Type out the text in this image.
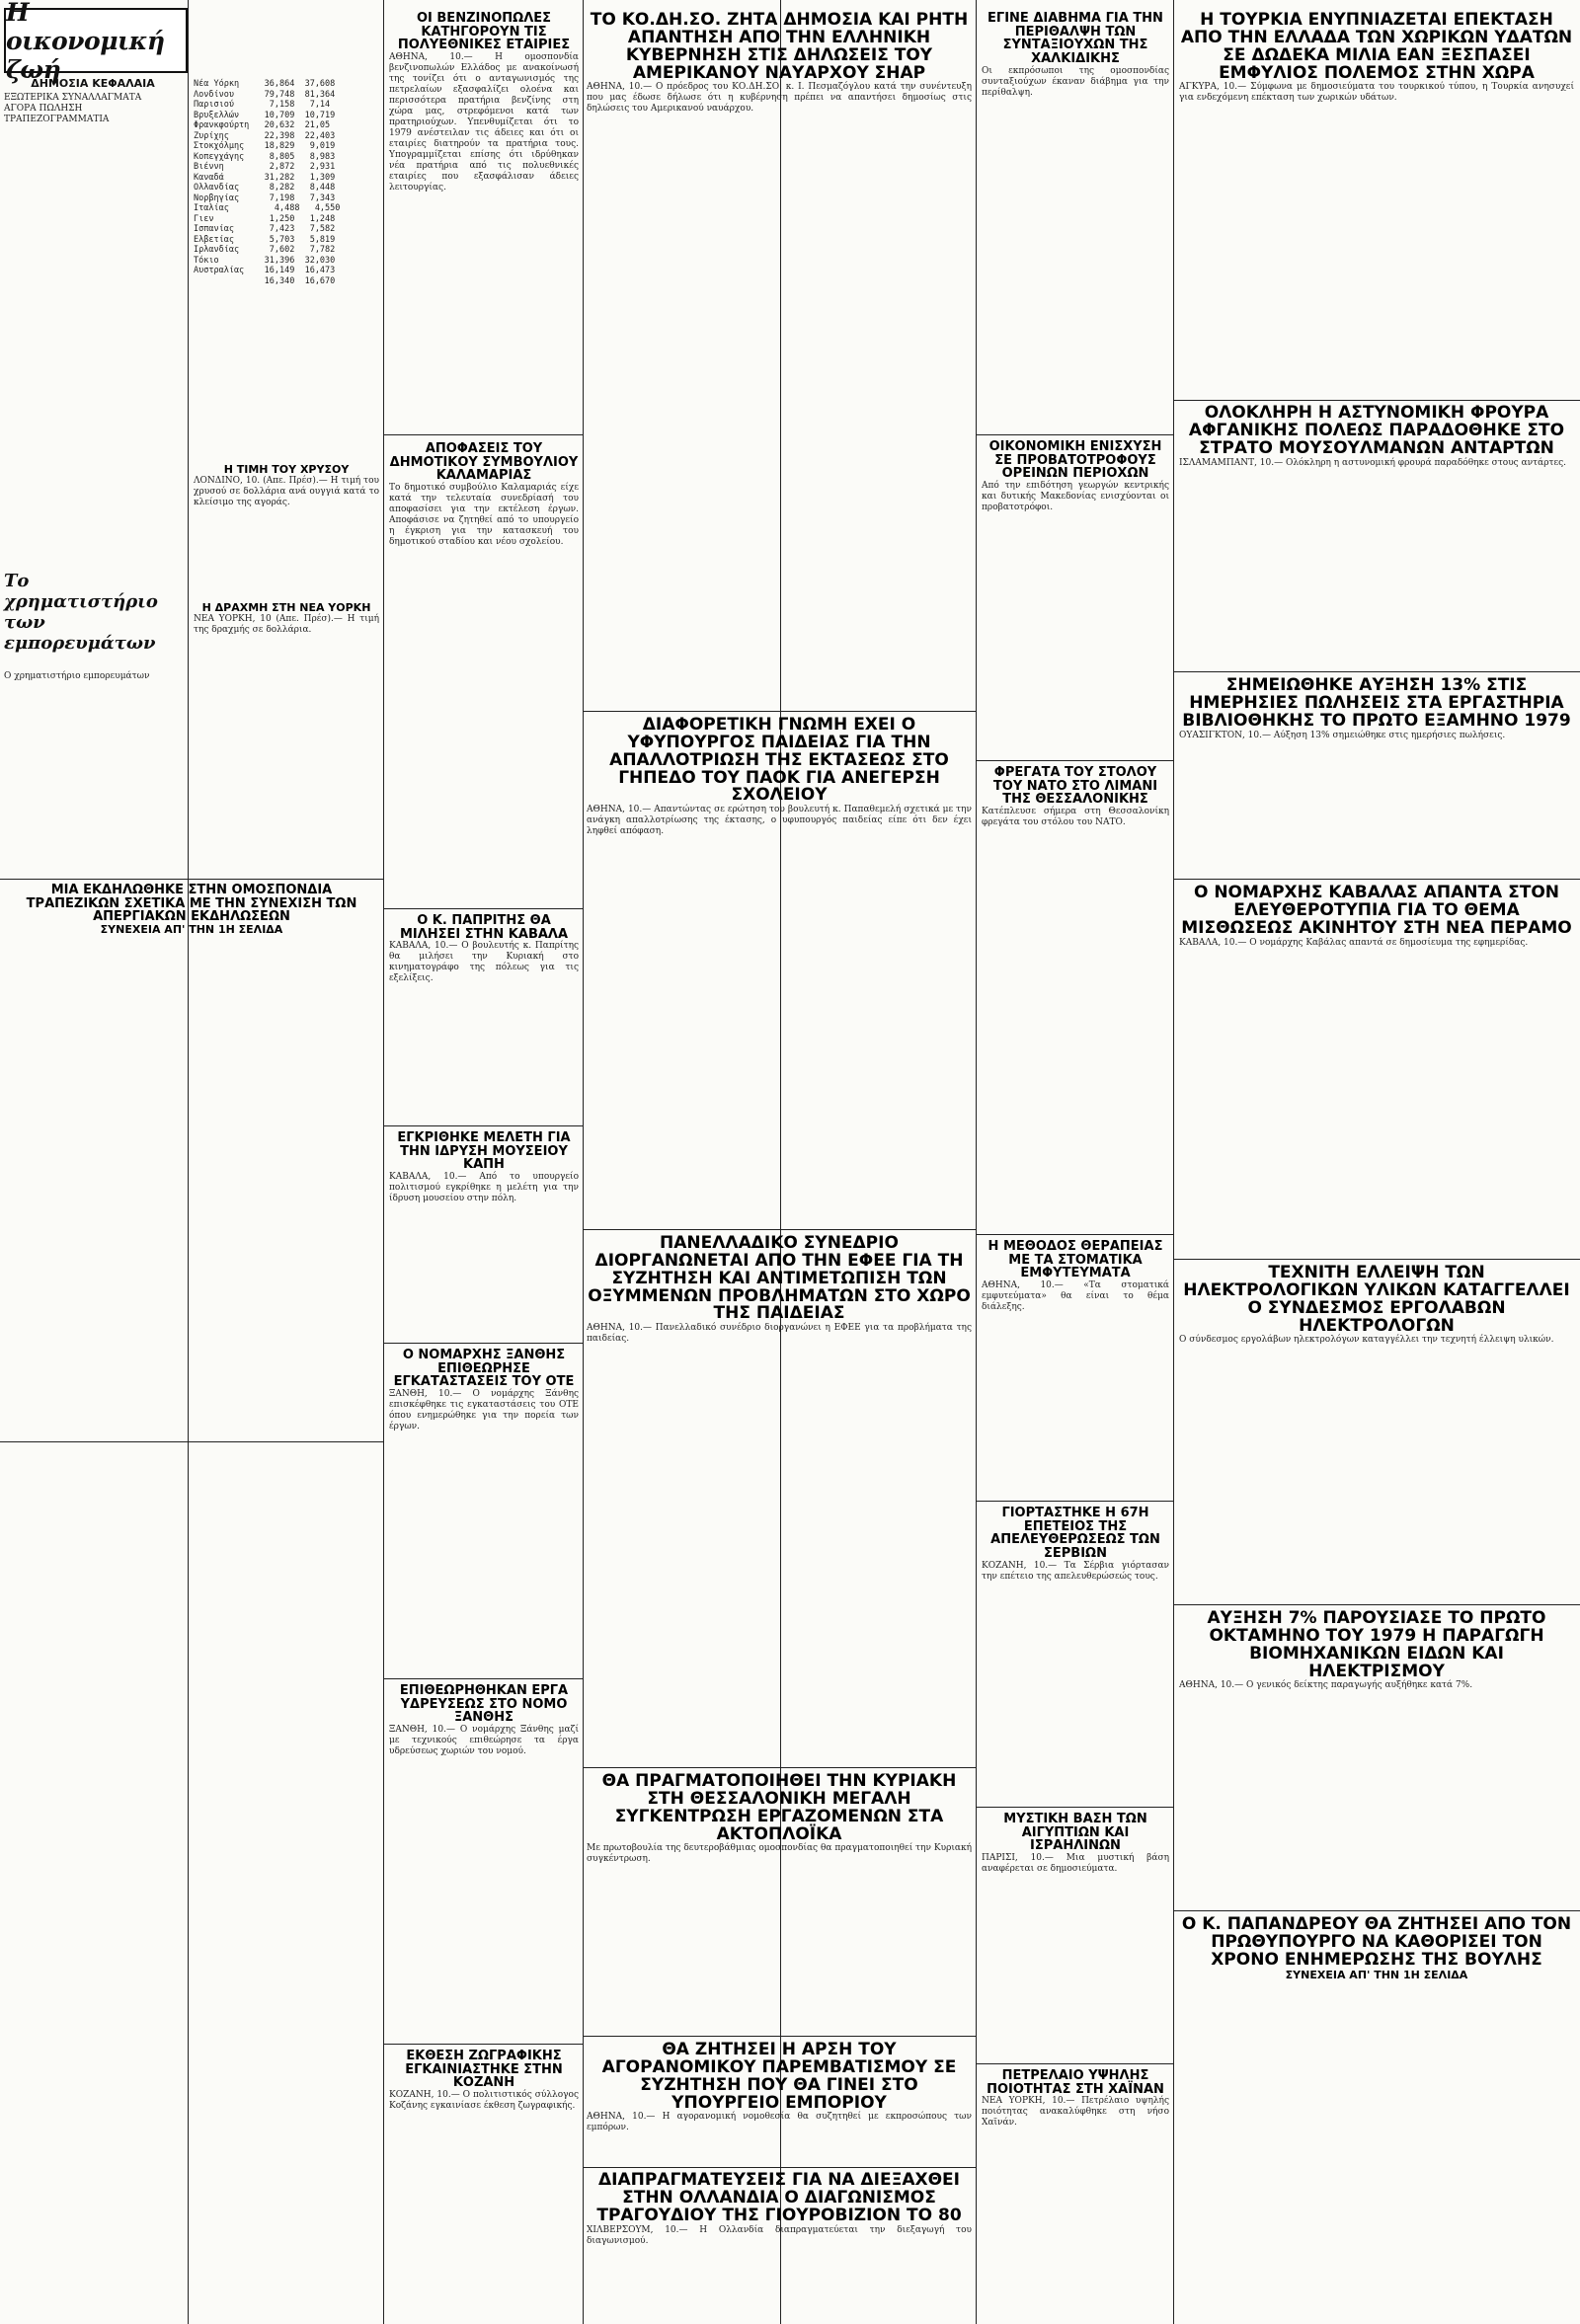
Η οικονομική ζωή

ΔΗΜΟΣΙΑ ΚΕΦΑΛΑΙΑ

ΕΞΩΤΕΡΙΚΑ ΣΥΝΑΛΛΑΓΜΑΤΑ
ΑΓΟΡΑ ΠΩΛΗΣΗ
ΤΡΑΠΕΖΟΓΡΑΜΜΑΤΙΑ

Το χρηματιστήριο των εμπορευμάτων

Ο χρηματιστήριο εμπορευμάτων

Νέα Υόρκη     36,864  37,608
Λονδίνου      79,748  81,364
Παρισιού       7,158   7,14
Βρυξελλών     10,709  10,719
Φρανκφούρτη   20,632  21,05
Ζυρίχης       22,398  22,403
Στοκχόλμης    18,829   9,019
Κοπεγχάγης     8,805   8,983
Βιέννη         2,872   2,931
Καναδά        31,282   1,309
Ολλανδίας      8,282   8,448
Νορβηγίας      7,198   7,343
Ιταλίας         4,488   4,550
Γιεν           1,250   1,248
Ισπανίας       7,423   7,582
Ελβετίας       5,703   5,819
Ιρλανδίας      7,602   7,782
Τόκιο         31,396  32,030
Αυστραλίας    16,149  16,473
16,340  16,670

Η ΤΙΜΗ ΤΟΥ ΧΡΥΣΟΥ

ΛΟΝΔΙΝΟ, 10. (Απε. Πρέσ).— Η τιμή του χρυσού σε δολλάρια ανά ουγγιά κατά το κλείσιμο της αγοράς.

Η ΔΡΑΧΜΗ ΣΤΗ ΝΕΑ ΥΟΡΚΗ

ΝΕΑ ΥΟΡΚΗ, 10 (Απε. Πρέσ).— Η τιμή της δραχμής σε δολλάρια.

ΜΙΑ ΕΚΔΗΛΩΘΗΚΕ ΣΤΗΝ ΟΜΟΣΠΟΝΔΙΑ ΤΡΑΠΕΖΙΚΩΝ ΣΧΕΤΙΚΑ ΜΕ ΤΗΝ ΣΥΝΕΧΙΣΗ ΤΩΝ ΑΠΕΡΓΙΑΚΩΝ ΕΚΔΗΛΩΣΕΩΝ

ΣΥΝΕΧΕΙΑ ΑΠ' ΤΗΝ 1Η ΣΕΛΙΔΑ

ΟΙ ΒΕΝΖΙΝΟΠΩΛΕΣ ΚΑΤΗΓΟΡΟΥΝ ΤΙΣ ΠΟΛΥΕΘΝΙΚΕΣ ΕΤΑΙΡΙΕΣ

ΑΘΗΝΑ, 10.— Η ομοσπονδία βενζινοπωλών Ελλάδος με ανακοίνωσή της τονίζει ότι ο ανταγωνισμός της πετρελαίων εξασφαλίζει ολοένα και περισσότερα πρατήρια βενζίνης στη χώρα μας, στρεφόμενοι κατά των πρατηριούχων. Υπενθυμίζεται ότι το 1979 ανέστειλαν τις άδειες και ότι οι εταιρίες διατηρούν τα πρατήρια τους. Υπογραμμίζεται επίσης ότι ιδρύθηκαν νέα πρατήρια από τις πολυεθνικές εταιρίες που εξασφάλισαν άδειες λειτουργίας.

ΑΠΟΦΑΣΕΙΣ ΤΟΥ ΔΗΜΟΤΙΚΟΥ ΣΥΜΒΟΥΛΙΟΥ ΚΑΛΑΜΑΡΙΑΣ

Το δημοτικό συμβούλιο Καλαμαριάς είχε κατά την τελευταία συνεδρίασή του αποφασίσει για την εκτέλεση έργων. Αποφάσισε να ζητηθεί από το υπουργείο η έγκριση για την κατασκευή του δημοτικού σταδίου και νέου σχολείου.

Ο Κ. ΠΑΠΡΙΤΗΣ ΘΑ ΜΙΛΗΣΕΙ ΣΤΗΝ ΚΑΒΑΛΑ

ΚΑΒΑΛΑ, 10.— Ο βουλευτής κ. Παπρίτης θα μιλήσει την Κυριακή στο κινηματογράφο της πόλεως για τις εξελίξεις.

ΕΓΚΡΙΘΗΚΕ ΜΕΛΕΤΗ ΓΙΑ ΤΗΝ ΙΔΡΥΣΗ ΜΟΥΣΕΙΟΥ ΚΑΠΗ

ΚΑΒΑΛΑ, 10.— Από το υπουργείο πολιτισμού εγκρίθηκε η μελέτη για την ίδρυση μουσείου στην πόλη.

Ο ΝΟΜΑΡΧΗΣ ΞΑΝΘΗΣ ΕΠΙΘΕΩΡΗΣΕ ΕΓΚΑΤΑΣΤΑΣΕΙΣ ΤΟΥ ΟΤΕ

ΞΑΝΘΗ, 10.— Ο νομάρχης Ξάνθης επισκέφθηκε τις εγκαταστάσεις του ΟΤΕ όπου ενημερώθηκε για την πορεία των έργων.

ΕΠΙΘΕΩΡΗΘΗΚΑΝ ΕΡΓΑ ΥΔΡΕΥΣΕΩΣ ΣΤΟ ΝΟΜΟ ΞΑΝΘΗΣ

ΞΑΝΘΗ, 10.— Ο νομάρχης Ξάνθης μαζί με τεχνικούς επιθεώρησε τα έργα υδρεύσεως χωριών του νομού.

ΕΚΘΕΣΗ ΖΩΓΡΑΦΙΚΗΣ ΕΓΚΑΙΝΙΑΣΤΗΚΕ ΣΤΗΝ ΚΟΖΑΝΗ

ΚΟΖΑΝΗ, 10.— Ο πολιτιστικός σύλλογος Κοζάνης εγκαινίασε έκθεση ζωγραφικής.

ΤΟ ΚΟ.ΔΗ.ΣΟ. ΖΗΤΑ ΔΗΜΟΣΙΑ ΚΑΙ ΡΗΤΗ ΑΠΑΝΤΗΣΗ ΑΠΟ ΤΗΝ ΕΛΛΗΝΙΚΗ ΚΥΒΕΡΝΗΣΗ ΣΤΙΣ ΔΗΛΩΣΕΙΣ ΤΟΥ ΑΜΕΡΙΚΑΝΟΥ ΝΑΥΑΡΧΟΥ ΣΗΑΡ

ΑΘΗΝΑ, 10.— Ο πρόεδρος του ΚΟ.ΔΗ.ΣΟ. κ. Ι. Πεσμαζόγλου κατά την συνέντευξη που μας έδωσε δήλωσε ότι η κυβέρνηση πρέπει να απαντήσει δημοσίως στις δηλώσεις του Αμερικανού ναυάρχου.

ΔΙΑΦΟΡΕΤΙΚΗ ΓΝΩΜΗ ΕΧΕΙ Ο ΥΦΥΠΟΥΡΓΟΣ ΠΑΙΔΕΙΑΣ ΓΙΑ ΤΗΝ ΑΠΑΛΛΟΤΡΙΩΣΗ ΤΗΣ ΕΚΤΑΣΕΩΣ ΣΤΟ ΓΗΠΕΔΟ ΤΟΥ ΠΑΟΚ ΓΙΑ ΑΝΕΓΕΡΣΗ ΣΧΟΛΕΙΟΥ

ΑΘΗΝΑ, 10.— Απαντώντας σε ερώτηση του βουλευτή κ. Παπαθεμελή σχετικά με την ανάγκη απαλλοτρίωσης της έκτασης, ο υφυπουργός παιδείας είπε ότι δεν έχει ληφθεί απόφαση.

ΠΑΝΕΛΛΑΔΙΚΟ ΣΥΝΕΔΡΙΟ ΔΙΟΡΓΑΝΩΝΕΤΑΙ ΑΠΟ ΤΗΝ ΕΦΕΕ ΓΙΑ ΤΗ ΣΥΖΗΤΗΣΗ ΚΑΙ ΑΝΤΙΜΕΤΩΠΙΣΗ ΤΩΝ ΟΞΥΜΜΕΝΩΝ ΠΡΟΒΛΗΜΑΤΩΝ ΣΤΟ ΧΩΡΟ ΤΗΣ ΠΑΙΔΕΙΑΣ

ΑΘΗΝΑ, 10.— Πανελλαδικό συνέδριο διοργανώνει η ΕΦΕΕ για τα προβλήματα της παιδείας.

ΘΑ ΠΡΑΓΜΑΤΟΠΟΙΗΘΕΙ ΤΗΝ ΚΥΡΙΑΚΗ ΣΤΗ ΘΕΣΣΑΛΟΝΙΚΗ ΜΕΓΑΛΗ ΣΥΓΚΕΝΤΡΩΣΗ ΕΡΓΑΖΟΜΕΝΩΝ ΣΤΑ ΑΚΤΟΠΛΟΪΚΑ

Με πρωτοβουλία της δευτεροβάθμιας ομοσπονδίας θα πραγματοποιηθεί την Κυριακή συγκέντρωση.

ΘΑ ΖΗΤΗΣΕΙ Η ΑΡΣΗ ΤΟΥ ΑΓΟΡΑΝΟΜΙΚΟΥ ΠΑΡΕΜΒΑΤΙΣΜΟΥ ΣΕ ΣΥΖΗΤΗΣΗ ΠΟΥ ΘΑ ΓΙΝΕΙ ΣΤΟ ΥΠΟΥΡΓΕΙΟ ΕΜΠΟΡΙΟΥ

ΑΘΗΝΑ, 10.— Η αγορανομική νομοθεσία θα συζητηθεί με εκπροσώπους των εμπόρων.

ΔΙΑΠΡΑΓΜΑΤΕΥΣΕΙΣ ΓΙΑ ΝΑ ΔΙΕΞΑΧΘΕΙ ΣΤΗΝ ΟΛΛΑΝΔΙΑ Ο ΔΙΑΓΩΝΙΣΜΟΣ ΤΡΑΓΟΥΔΙΟΥ ΤΗΣ ΓΙΟΥΡΟΒΙΖΙΟΝ ΤΟ 80

ΧΙΛΒΕΡΣΟΥΜ, 10.— Η Ολλανδία διαπραγματεύεται την διεξαγωγή του διαγωνισμού.

ΕΓΙΝΕ ΔΙΑΒΗΜΑ ΓΙΑ ΤΗΝ ΠΕΡΙΘΑΛΨΗ ΤΩΝ ΣΥΝΤΑΞΙΟΥΧΩΝ ΤΗΣ ΧΑΛΚΙΔΙΚΗΣ

Οι εκπρόσωποι της ομοσπονδίας συνταξιούχων έκαναν διάβημα για την περίθαλψη.

ΟΙΚΟΝΟΜΙΚΗ ΕΝΙΣΧΥΣΗ ΣΕ ΠΡΟΒΑΤΟΤΡΟΦΟΥΣ ΟΡΕΙΝΩΝ ΠΕΡΙΟΧΩΝ

Από την επιδότηση γεωργών κεντρικής και δυτικής Μακεδονίας ενισχύονται οι προβατοτρόφοι.

ΦΡΕΓΑΤΑ ΤΟΥ ΣΤΟΛΟΥ ΤΟΥ ΝΑΤΟ ΣΤΟ ΛΙΜΑΝΙ ΤΗΣ ΘΕΣΣΑΛΟΝΙΚΗΣ

Κατέπλευσε σήμερα στη Θεσσαλονίκη φρεγάτα του στόλου του ΝΑΤΟ.

Η ΜΕΘΟΔΟΣ ΘΕΡΑΠΕΙΑΣ ΜΕ ΤΑ ΣΤΟΜΑΤΙΚΑ ΕΜΦΥΤΕΥΜΑΤΑ

ΑΘΗΝΑ, 10.— «Τα στοματικά εμφυτεύματα» θα είναι το θέμα διάλεξης.

ΓΙΟΡΤΑΣΤΗΚΕ Η 67Η ΕΠΕΤΕΙΟΣ ΤΗΣ ΑΠΕΛΕΥΘΕΡΩΣΕΩΣ ΤΩΝ ΣΕΡΒΙΩΝ

ΚΟΖΑΝΗ, 10.— Τα Σέρβια γιόρτασαν την επέτειο της απελευθερώσεώς τους.

ΜΥΣΤΙΚΗ ΒΑΣΗ ΤΩΝ ΑΙΓΥΠΤΙΩΝ ΚΑΙ ΙΣΡΑΗΛΙΝΩΝ

ΠΑΡΙΣΙ, 10.— Μια μυστική βάση αναφέρεται σε δημοσιεύματα.

ΠΕΤΡΕΛΑΙΟ ΥΨΗΛΗΣ ΠΟΙΟΤΗΤΑΣ ΣΤΗ ΧΑΪΝΑΝ

ΝΕΑ ΥΟΡΚΗ, 10.— Πετρέλαιο υψηλής ποιότητας ανακαλύφθηκε στη νήσο Χαϊνάν.

Η ΤΟΥΡΚΙΑ ΕΝΥΠΝΙΑΖΕΤΑΙ ΕΠΕΚΤΑΣΗ ΑΠΟ ΤΗΝ ΕΛΛΑΔΑ ΤΩΝ ΧΩΡΙΚΩΝ ΥΔΑΤΩΝ ΣΕ ΔΩΔΕΚΑ ΜΙΛΙΑ ΕΑΝ ΞΕΣΠΑΣΕΙ ΕΜΦΥΛΙΟΣ ΠΟΛΕΜΟΣ ΣΤΗΝ ΧΩΡΑ

ΑΓΚΥΡΑ, 10.— Σύμφωνα με δημοσιεύματα του τουρκικού τύπου, η Τουρκία ανησυχεί για ενδεχόμενη επέκταση των χωρικών υδάτων.

ΟΛΟΚΛΗΡΗ Η ΑΣΤΥΝΟΜΙΚΗ ΦΡΟΥΡΑ ΑΦΓΑΝΙΚΗΣ ΠΟΛΕΩΣ ΠΑΡΑΔΟΘΗΚΕ ΣΤΟ ΣΤΡΑΤΟ ΜΟΥΣΟΥΛΜΑΝΩΝ ΑΝΤΑΡΤΩΝ

ΙΣΛΑΜΑΜΠΑΝΤ, 10.— Ολόκληρη η αστυνομική φρουρά παραδόθηκε στους αντάρτες.

ΣΗΜΕΙΩΘΗΚΕ ΑΥΞΗΣΗ 13% ΣΤΙΣ ΗΜΕΡΗΣΙΕΣ ΠΩΛΗΣΕΙΣ ΣΤΑ ΕΡΓΑΣΤΗΡΙΑ ΒΙΒΛΙΟΘΗΚΗΣ ΤΟ ΠΡΩΤΟ ΕΞΑΜΗΝΟ 1979

ΟΥΑΣΙΓΚΤΟΝ, 10.— Αύξηση 13% σημειώθηκε στις ημερήσιες πωλήσεις.

Ο ΝΟΜΑΡΧΗΣ ΚΑΒΑΛΑΣ ΑΠΑΝΤΑ ΣΤΟΝ ΕΛΕΥΘΕΡΟΤΥΠΙΑ ΓΙΑ ΤΟ ΘΕΜΑ ΜΙΣΘΩΣΕΩΣ ΑΚΙΝΗΤΟΥ ΣΤΗ ΝΕΑ ΠΕΡΑΜΟ

ΚΑΒΑΛΑ, 10.— Ο νομάρχης Καβάλας απαντά σε δημοσίευμα της εφημερίδας.

ΤΕΧΝΙΤΗ ΕΛΛΕΙΨΗ ΤΩΝ ΗΛΕΚΤΡΟΛΟΓΙΚΩΝ ΥΛΙΚΩΝ ΚΑΤΑΓΓΕΛΛΕΙ Ο ΣΥΝΔΕΣΜΟΣ ΕΡΓΟΛΑΒΩΝ ΗΛΕΚΤΡΟΛΟΓΩΝ

Ο σύνδεσμος εργολάβων ηλεκτρολόγων καταγγέλλει την τεχνητή έλλειψη υλικών.

ΑΥΞΗΣΗ 7% ΠΑΡΟΥΣΙΑΣΕ ΤΟ ΠΡΩΤΟ ΟΚΤΑΜΗΝΟ ΤΟΥ 1979 Η ΠΑΡΑΓΩΓΗ ΒΙΟΜΗΧΑΝΙΚΩΝ ΕΙΔΩΝ ΚΑΙ ΗΛΕΚΤΡΙΣΜΟΥ

ΑΘΗΝΑ, 10.— Ο γενικός δείκτης παραγωγής αυξήθηκε κατά 7%.

Ο Κ. ΠΑΠΑΝΔΡΕΟΥ ΘΑ ΖΗΤΗΣΕΙ ΑΠΟ ΤΟΝ ΠΡΩΘΥΠΟΥΡΓΟ ΝΑ ΚΑΘΟΡΙΣΕΙ ΤΟΝ ΧΡΟΝΟ ΕΝΗΜΕΡΩΣΗΣ ΤΗΣ ΒΟΥΛΗΣ

ΣΥΝΕΧΕΙΑ ΑΠ' ΤΗΝ 1Η ΣΕΛΙΔΑ
